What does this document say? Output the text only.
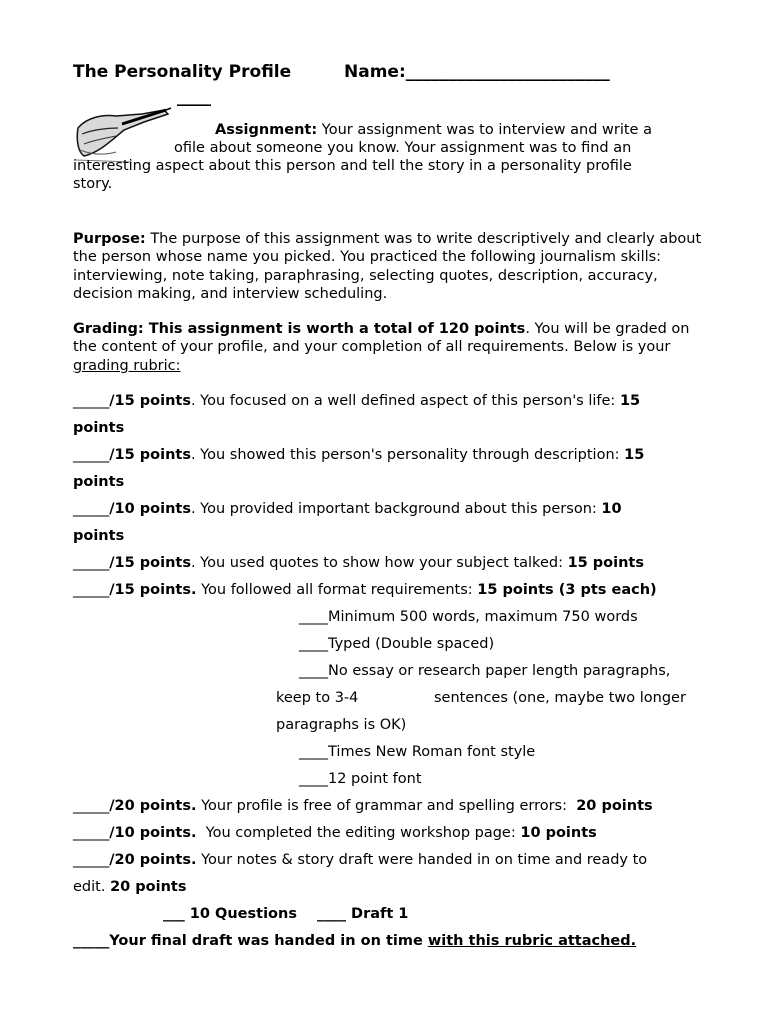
The Personality Profile	Name:________________________
____
Assignment: Your assignment was to interview and write a
ofile about someone you know. Your assignment was to find an
interesting aspect about this person and tell the story in a personality profile
story.
Purpose: The purpose of this assignment was to write descriptively and clearly about the person whose name you picked. You practiced the following journalism skills: interviewing, note taking, paraphrasing, selecting quotes, description, accuracy, decision making, and interview scheduling.
Grading: This assignment is worth a total of 120 points. You will be graded on the content of your profile, and your completion of all requirements. Below is your grading rubric:
_____/15 points. You focused on a well defined aspect of this person's life: 15
points
_____/15 points. You showed this person's personality through description: 15
points
_____/10 points. You provided important background about this person: 10
points
_____/15 points. You used quotes to show how your subject talked: 15 points
_____/15 points. You followed all format requirements: 15 points (3 pts each)
____Minimum 500 words, maximum 750 words
____Typed (Double spaced)
____No essay or research paper length paragraphs,
keep to 3-4	sentences (one, maybe two longer
paragraphs is OK)
____Times New Roman font style
____12 point font
_____/20 points. Your profile is free of grammar and spelling errors:  20 points
_____/10 points.  You completed the editing workshop page: 10 points
_____/20 points. Your notes & story draft were handed in on time and ready to
edit. 20 points
___ 10 Questions ____ Draft 1
_____Your final draft was handed in on time with this rubric attached.
